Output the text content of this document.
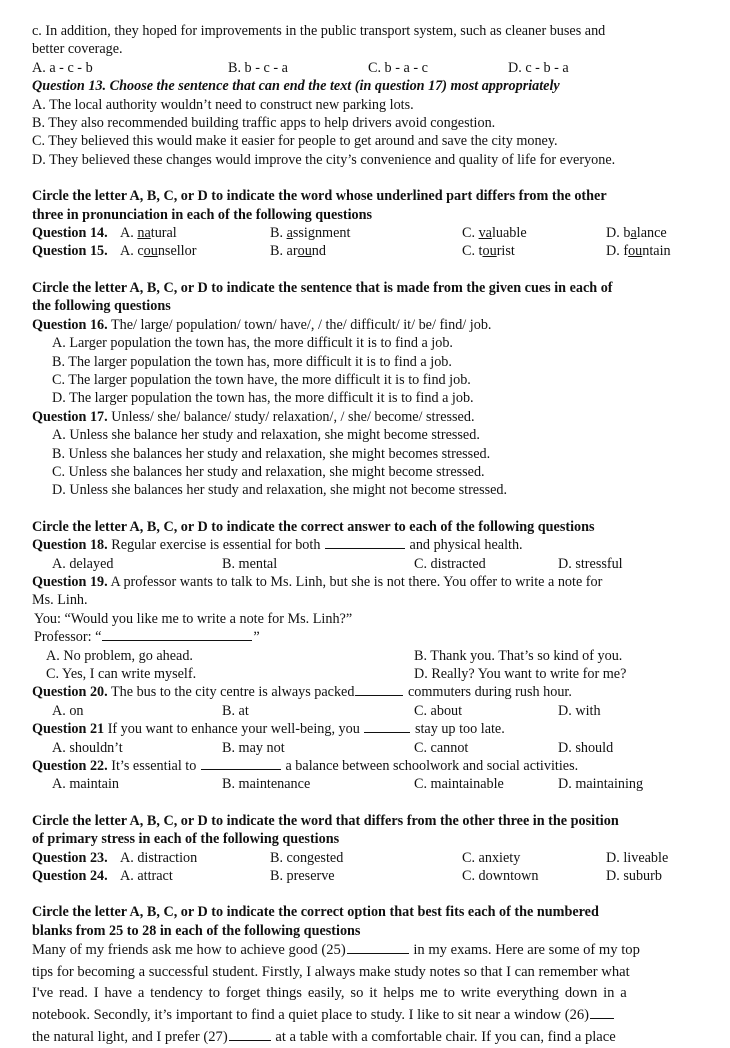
c. In addition, they hoped for improvements in the public transport system, such as cleaner buses and
better coverage.
A. a - c - b	B. b - c - a	C. b - a - c	D. c - b - a
Question 13. Choose the sentence that can end the text (in question 17) most appropriately
A. The local authority wouldn’t need to construct new parking lots.
B. They also recommended building traffic apps to help drivers avoid congestion.
C. They believed this would make it easier for people to get around and save the city money.
D. They believed these changes would improve the city’s convenience and quality of life for everyone.
Circle the letter A, B, C, or D to indicate the word whose underlined part differs from the other
three in pronunciation in each of the following questions
Question 14. A. natural	B. assignment	C. valuable	D. balance
Question 15. A. counsellor	B. around	C. tourist	D. fountain
Circle the letter A, B, C, or D to indicate the sentence that is made from the given cues in each of
the following questions
Question 16. The/ large/ population/ town/ have/, / the/ difficult/ it/ be/ find/ job.
A. Larger population the town has, the more difficult it is to find a job.
B. The larger population the town has, more difficult it is to find a job.
C. The larger population the town have, the more difficult it is to find job.
D. The larger population the town has, the more difficult it is to find a job.
Question 17. Unless/ she/ balance/ study/ relaxation/, / she/ become/ stressed.
A. Unless she balance her study and relaxation, she might become stressed.
B. Unless she balances her study and relaxation, she might becomes stressed.
C. Unless she balances her study and relaxation, she might become stressed.
D. Unless she balances her study and relaxation, she might not become stressed.
Circle the letter A, B, C, or D to indicate the correct answer to each of the following questions
Question 18. Regular exercise is essential for both	and physical health.
A. delayed	B. mental	C. distracted	D. stressful
Question 19. A professor wants to talk to Ms. Linh, but she is not there. You offer to write a note for
Ms. Linh.
You: “Would you like me to write a note for Ms. Linh?”
Professor: “	”
A. No problem, go ahead.	B. Thank you. That’s so kind of you.
C. Yes, I can write myself.	D. Really? You want to write for me?
Question 20. The bus to the city centre is always packed	commuters during rush hour.
A. on	B. at	C. about	D. with
Question 21 If you want to enhance your well-being, you	stay up too late.
A. shouldn’t	B. may not	C. cannot	D. should
Question 22. It’s essential to	a balance between schoolwork and social activities.
A. maintain	B. maintenance	C. maintainable	D. maintaining
Circle the letter A, B, C, or D to indicate the word that differs from the other three in the position
of primary stress in each of the following questions
Question 23. A. distraction	B. congested	C. anxiety	D. liveable
Question 24. A. attract	B. preserve	C. downtown	D. suburb
Circle the letter A, B, C, or D to indicate the correct option that best fits each of the numbered
blanks from 25 to 28 in each of the following questions
Many of my friends ask me how to achieve good (25)	in my exams. Here are some of my top
tips for becoming a successful student. Firstly, I always make study notes so that I can remember what
I've read. I have a tendency to forget things easily, so it helps me to write everything down in a
notebook. Secondly, it’s important to find a quiet place to study. I like to sit near a window (26)
the natural light, and I prefer (27)	at a table with a comfortable chair. If you can, find a place
